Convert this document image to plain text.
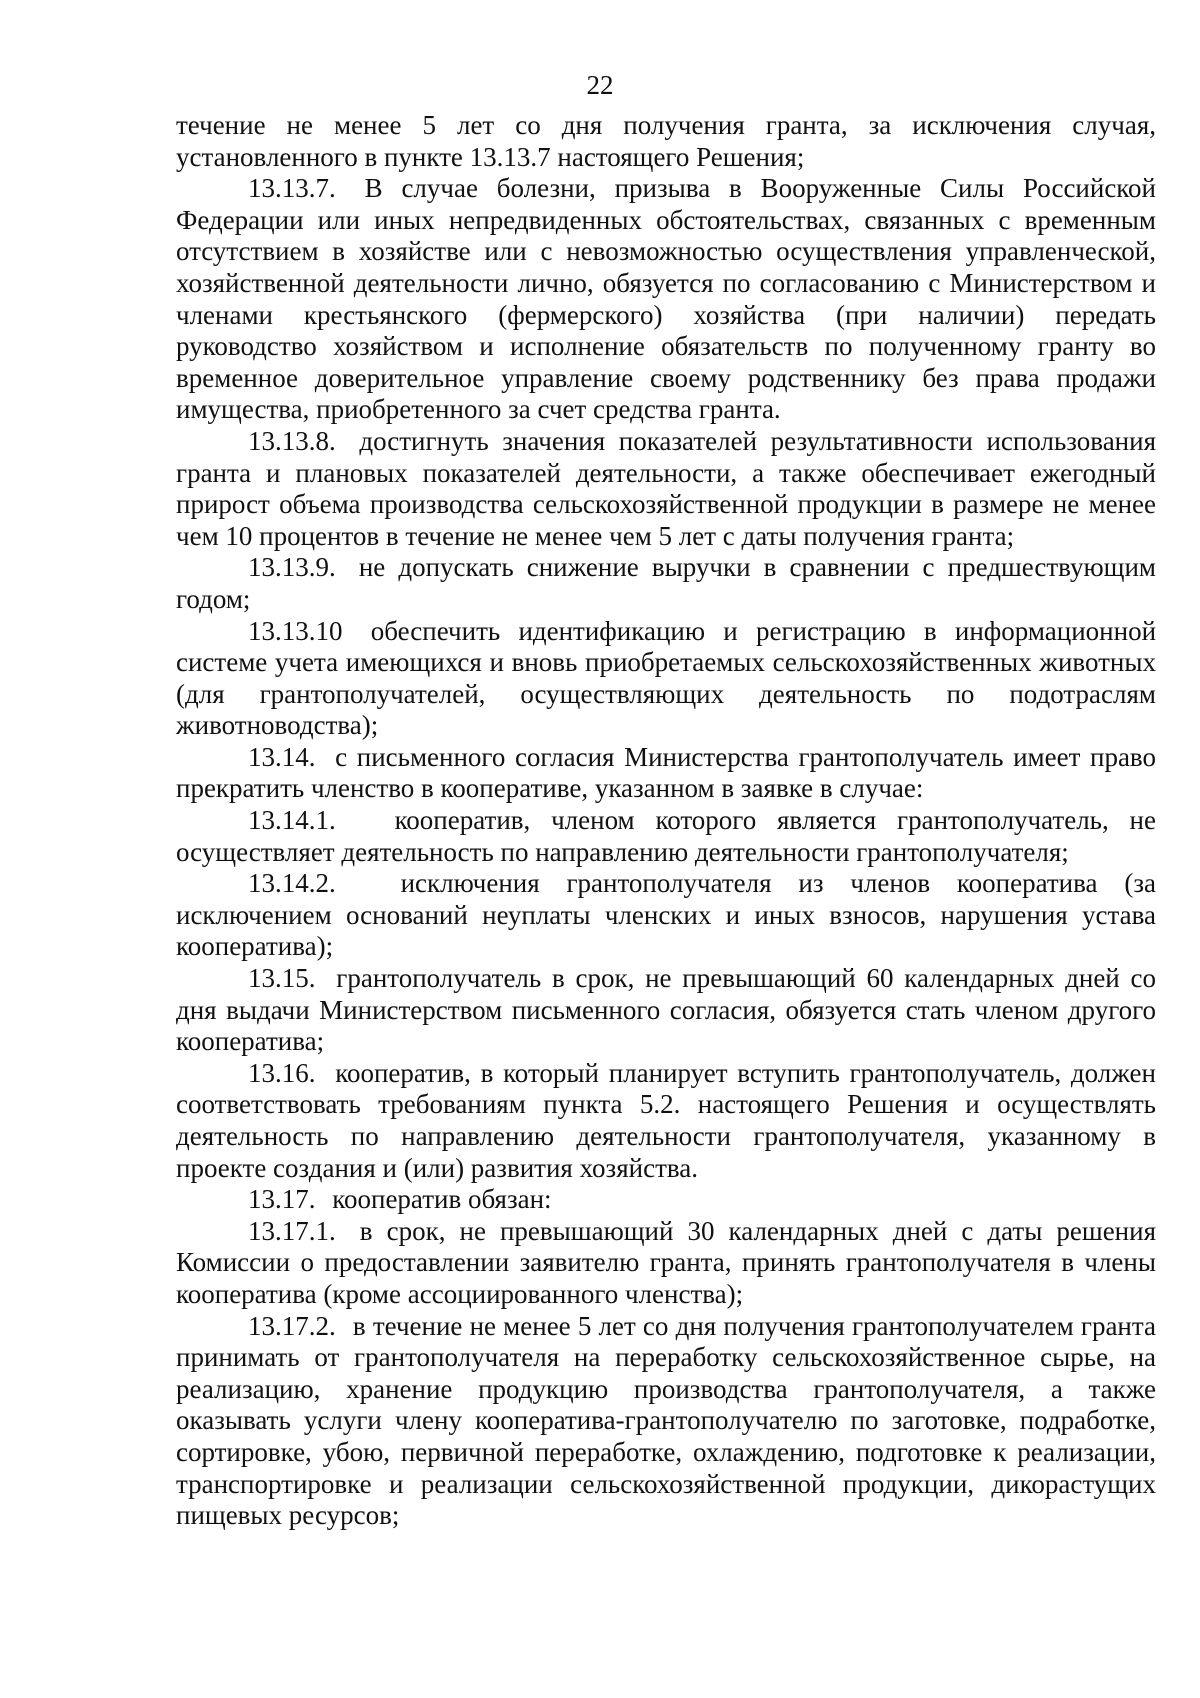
22

течение не менее 5 лет со дня получения гранта, за исключения случая, установленного в пункте 13.13.7 настоящего Решения;

13.13.7. В случае болезни, призыва в Вооруженные Силы Российской Федерации или иных непредвиденных обстоятельствах, связанных с временным отсутствием в хозяйстве или с невозможностью осуществления управленческой, хозяйственной деятельности лично, обязуется по согласованию с Министерством и членами крестьянского (фермерского) хозяйства (при наличии) передать руководство хозяйством и исполнение обязательств по полученному гранту во временное доверительное управление своему родственнику без права продажи имущества, приобретенного за счет средства гранта.

13.13.8. достигнуть значения показателей результативности использования гранта и плановых показателей деятельности, а также обеспечивает ежегодный прирост объема производства сельскохозяйственной продукции в размере не менее чем 10 процентов в течение не менее чем 5 лет с даты получения гранта;

13.13.9. не допускать снижение выручки в сравнении с предшествующим годом;

13.13.10 обеспечить идентификацию и регистрацию в информационной системе учета имеющихся и вновь приобретаемых сельскохозяйственных животных (для грантополучателей, осуществляющих деятельность по подотраслям животноводства);

13.14. с письменного согласия Министерства грантополучатель имеет право прекратить членство в кооперативе, указанном в заявке в случае:

13.14.1. кооператив, членом которого является грантополучатель, не осуществляет деятельность по направлению деятельности грантополучателя;

13.14.2. исключения грантополучателя из членов кооператива (за исключением оснований неуплаты членских и иных взносов, нарушения устава кооператива);

13.15. грантополучатель в срок, не превышающий 60 календарных дней со дня выдачи Министерством письменного согласия, обязуется стать членом другого кооператива;

13.16. кооператив, в который планирует вступить грантополучатель, должен соответствовать требованиям пункта 5.2. настоящего Решения и осуществлять деятельность по направлению деятельности грантополучателя, указанному в проекте создания и (или) развития хозяйства.

13.17. кооператив обязан:

13.17.1. в срок, не превышающий 30 календарных дней с даты решения Комиссии о предоставлении заявителю гранта, принять грантополучателя в члены кооператива (кроме ассоциированного членства);

13.17.2. в течение не менее 5 лет со дня получения грантополучателем гранта принимать от грантополучателя на переработку сельскохозяйственное сырье, на реализацию, хранение продукцию производства грантополучателя, а также оказывать услуги члену кооператива-грантополучателю по заготовке, подработке, сортировке, убою, первичной переработке, охлаждению, подготовке к реализации, транспортировке и реализации сельскохозяйственной продукции, дикорастущих пищевых ресурсов;
